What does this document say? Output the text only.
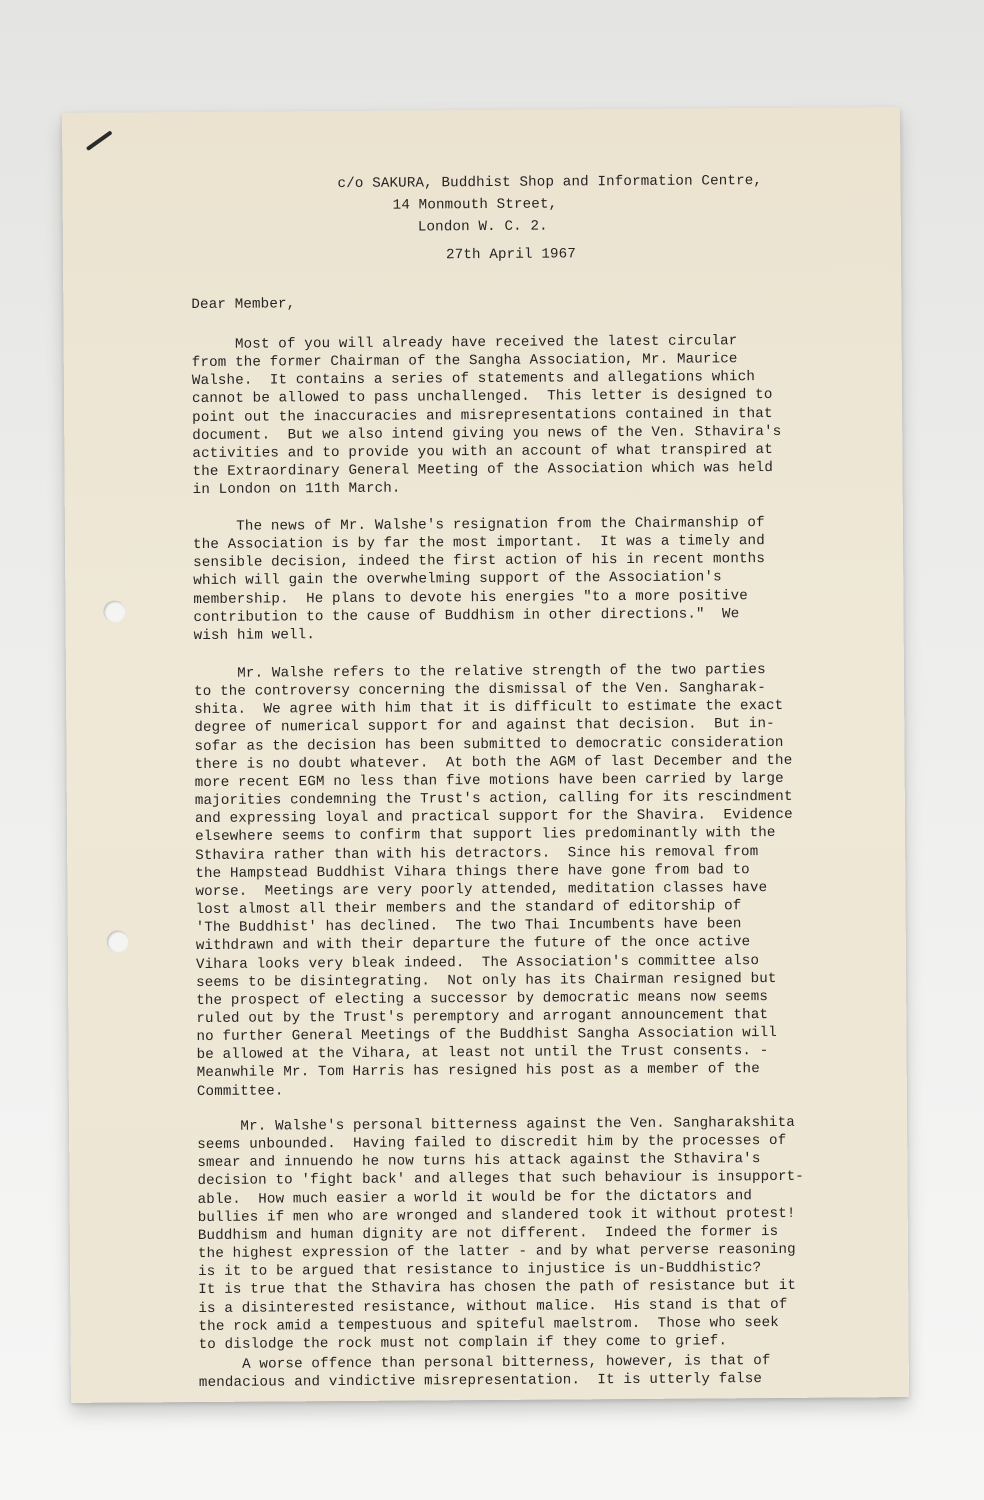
c/o SAKURA, Buddhist Shop and Information Centre,
14 Monmouth Street,
London W. C. 2.
27th April 1967
Dear Member,
Most of you will already have received the latest circular
from the former Chairman of the Sangha Association, Mr. Maurice
Walshe.  It contains a series of statements and allegations which
cannot be allowed to pass unchallenged.  This letter is designed to
point out the inaccuracies and misrepresentations contained in that
document.  But we also intend giving you news of the Ven. Sthavira's
activities and to provide you with an account of what transpired at
the Extraordinary General Meeting of the Association which was held
in London on 11th March.
The news of Mr. Walshe's resignation from the Chairmanship of
the Association is by far the most important.  It was a timely and
sensible decision, indeed the first action of his in recent months
which will gain the overwhelming support of the Association's
membership.  He plans to devote his energies "to a more positive
contribution to the cause of Buddhism in other directions."  We
wish him well.
Mr. Walshe refers to the relative strength of the two parties
to the controversy concerning the dismissal of the Ven. Sangharak-
shita.  We agree with him that it is difficult to estimate the exact
degree of numerical support for and against that decision.  But in-
sofar as the decision has been submitted to democratic consideration
there is no doubt whatever.  At both the AGM of last December and the
more recent EGM no less than five motions have been carried by large
majorities condemning the Trust's action, calling for its rescindment
and expressing loyal and practical support for the Shavira.  Evidence
elsewhere seems to confirm that support lies predominantly with the
Sthavira rather than with his detractors.  Since his removal from
the Hampstead Buddhist Vihara things there have gone from bad to
worse.  Meetings are very poorly attended, meditation classes have
lost almost all their members and the standard of editorship of
'The Buddhist' has declined.  The two Thai Incumbents have been
withdrawn and with their departure the future of the once active
Vihara looks very bleak indeed.  The Association's committee also
seems to be disintegrating.  Not only has its Chairman resigned but
the prospect of electing a successor by democratic means now seems
ruled out by the Trust's peremptory and arrogant announcement that
no further General Meetings of the Buddhist Sangha Association will
be allowed at the Vihara, at least not until the Trust consents. -
Meanwhile Mr. Tom Harris has resigned his post as a member of the
Committee.
Mr. Walshe's personal bitterness against the Ven. Sangharakshita
seems unbounded.  Having failed to discredit him by the processes of
smear and innuendo he now turns his attack against the Sthavira's
decision to 'fight back' and alleges that such behaviour is insupport-
able.  How much easier a world it would be for the dictators and
bullies if men who are wronged and slandered took it without protest!
Buddhism and human dignity are not different.  Indeed the former is
the highest expression of the latter - and by what perverse reasoning
is it to be argued that resistance to injustice is un-Buddhistic?
It is true that the Sthavira has chosen the path of resistance but it
is a disinterested resistance, without malice.  His stand is that of
the rock amid a tempestuous and spiteful maelstrom.  Those who seek
to dislodge the rock must not complain if they come to grief.
A worse offence than personal bitterness, however, is that of
mendacious and vindictive misrepresentation.  It is utterly false
